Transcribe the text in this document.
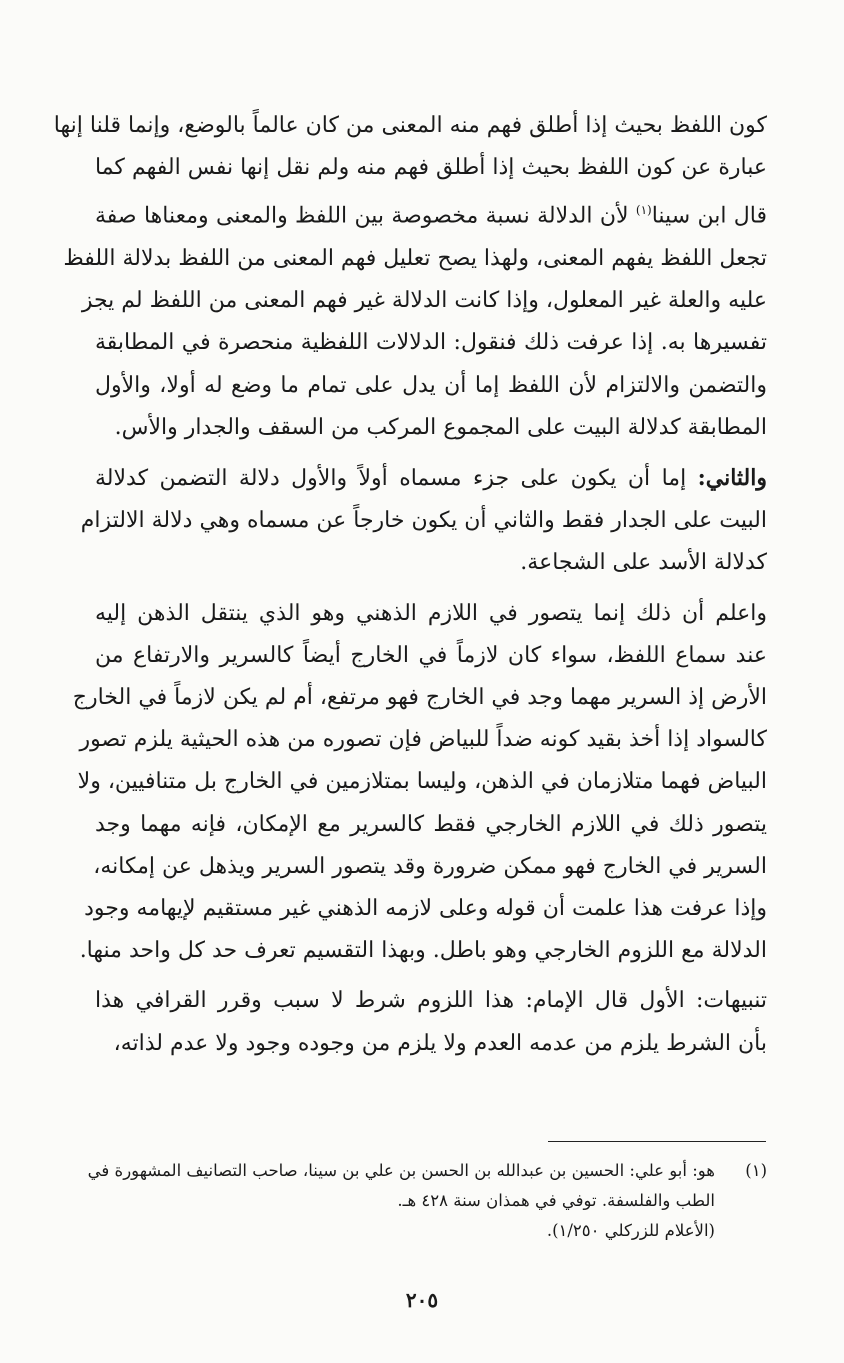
كون اللفظ بحيث إذا أطلق فهم منه المعنى من كان عالماً بالوضع، وإنما قلنا إنها
عبارة عن كون اللفظ بحيث إذا أطلق فهم منه ولم نقل إنها نفس الفهم كما
قال ابن سينا$^{(١)}$ لأن الدلالة نسبة مخصوصة بين اللفظ والمعنى ومعناها صفة
تجعل اللفظ يفهم المعنى، ولهذا يصح تعليل فهم المعنى من اللفظ بدلالة اللفظ
عليه والعلة غير المعلول، وإذا كانت الدلالة غير فهم المعنى من اللفظ لم يجز
تفسيرها به. إذا عرفت ذلك فنقول: الدلالات اللفظية منحصرة في المطابقة
والتضمن والالتزام لأن اللفظ إما أن يدل على تمام ما وضع له أولا، والأول
المطابقة كدلالة البيت على المجموع المركب من السقف والجدار والأس.
والثاني: إما أن يكون على جزء مسماه أولاً والأول دلالة التضمن كدلالة
البيت على الجدار فقط والثاني أن يكون خارجاً عن مسماه وهي دلالة الالتزام
كدلالة الأسد على الشجاعة.
واعلم أن ذلك إنما يتصور في اللازم الذهني وهو الذي ينتقل الذهن إليه
عند سماع اللفظ، سواء كان لازماً في الخارج أيضاً كالسرير والارتفاع من
الأرض إذ السرير مهما وجد في الخارج فهو مرتفع، أم لم يكن لازماً في الخارج
كالسواد إذا أخذ بقيد كونه ضداً للبياض فإن تصوره من هذه الحيثية يلزم تصور
البياض فهما متلازمان في الذهن، وليسا بمتلازمين في الخارج بل متنافيين، ولا
يتصور ذلك في اللازم الخارجي فقط كالسرير مع الإمكان، فإنه مهما وجد
السرير في الخارج فهو ممكن ضرورة وقد يتصور السرير ويذهل عن إمكانه،
وإذا عرفت هذا علمت أن قوله وعلى لازمه الذهني غير مستقيم لإيهامه وجود
الدلالة مع اللزوم الخارجي وهو باطل. وبهذا التقسيم تعرف حد كل واحد منها.
تنبيهات: الأول قال الإمام: هذا اللزوم شرط لا سبب وقرر القرافي هذا
بأن الشرط يلزم من عدمه العدم ولا يلزم من وجوده وجود ولا عدم لذاته،
(١)
هو: أبو علي: الحسين بن عبدالله بن الحسن بن علي بن سينا، صاحب التصانيف المشهورة في
الطب والفلسفة. توفي في همذان سنة ٤٢٨ هـ.
(الأعلام للزركلي ١/٢٥٠).
٢٠٥
